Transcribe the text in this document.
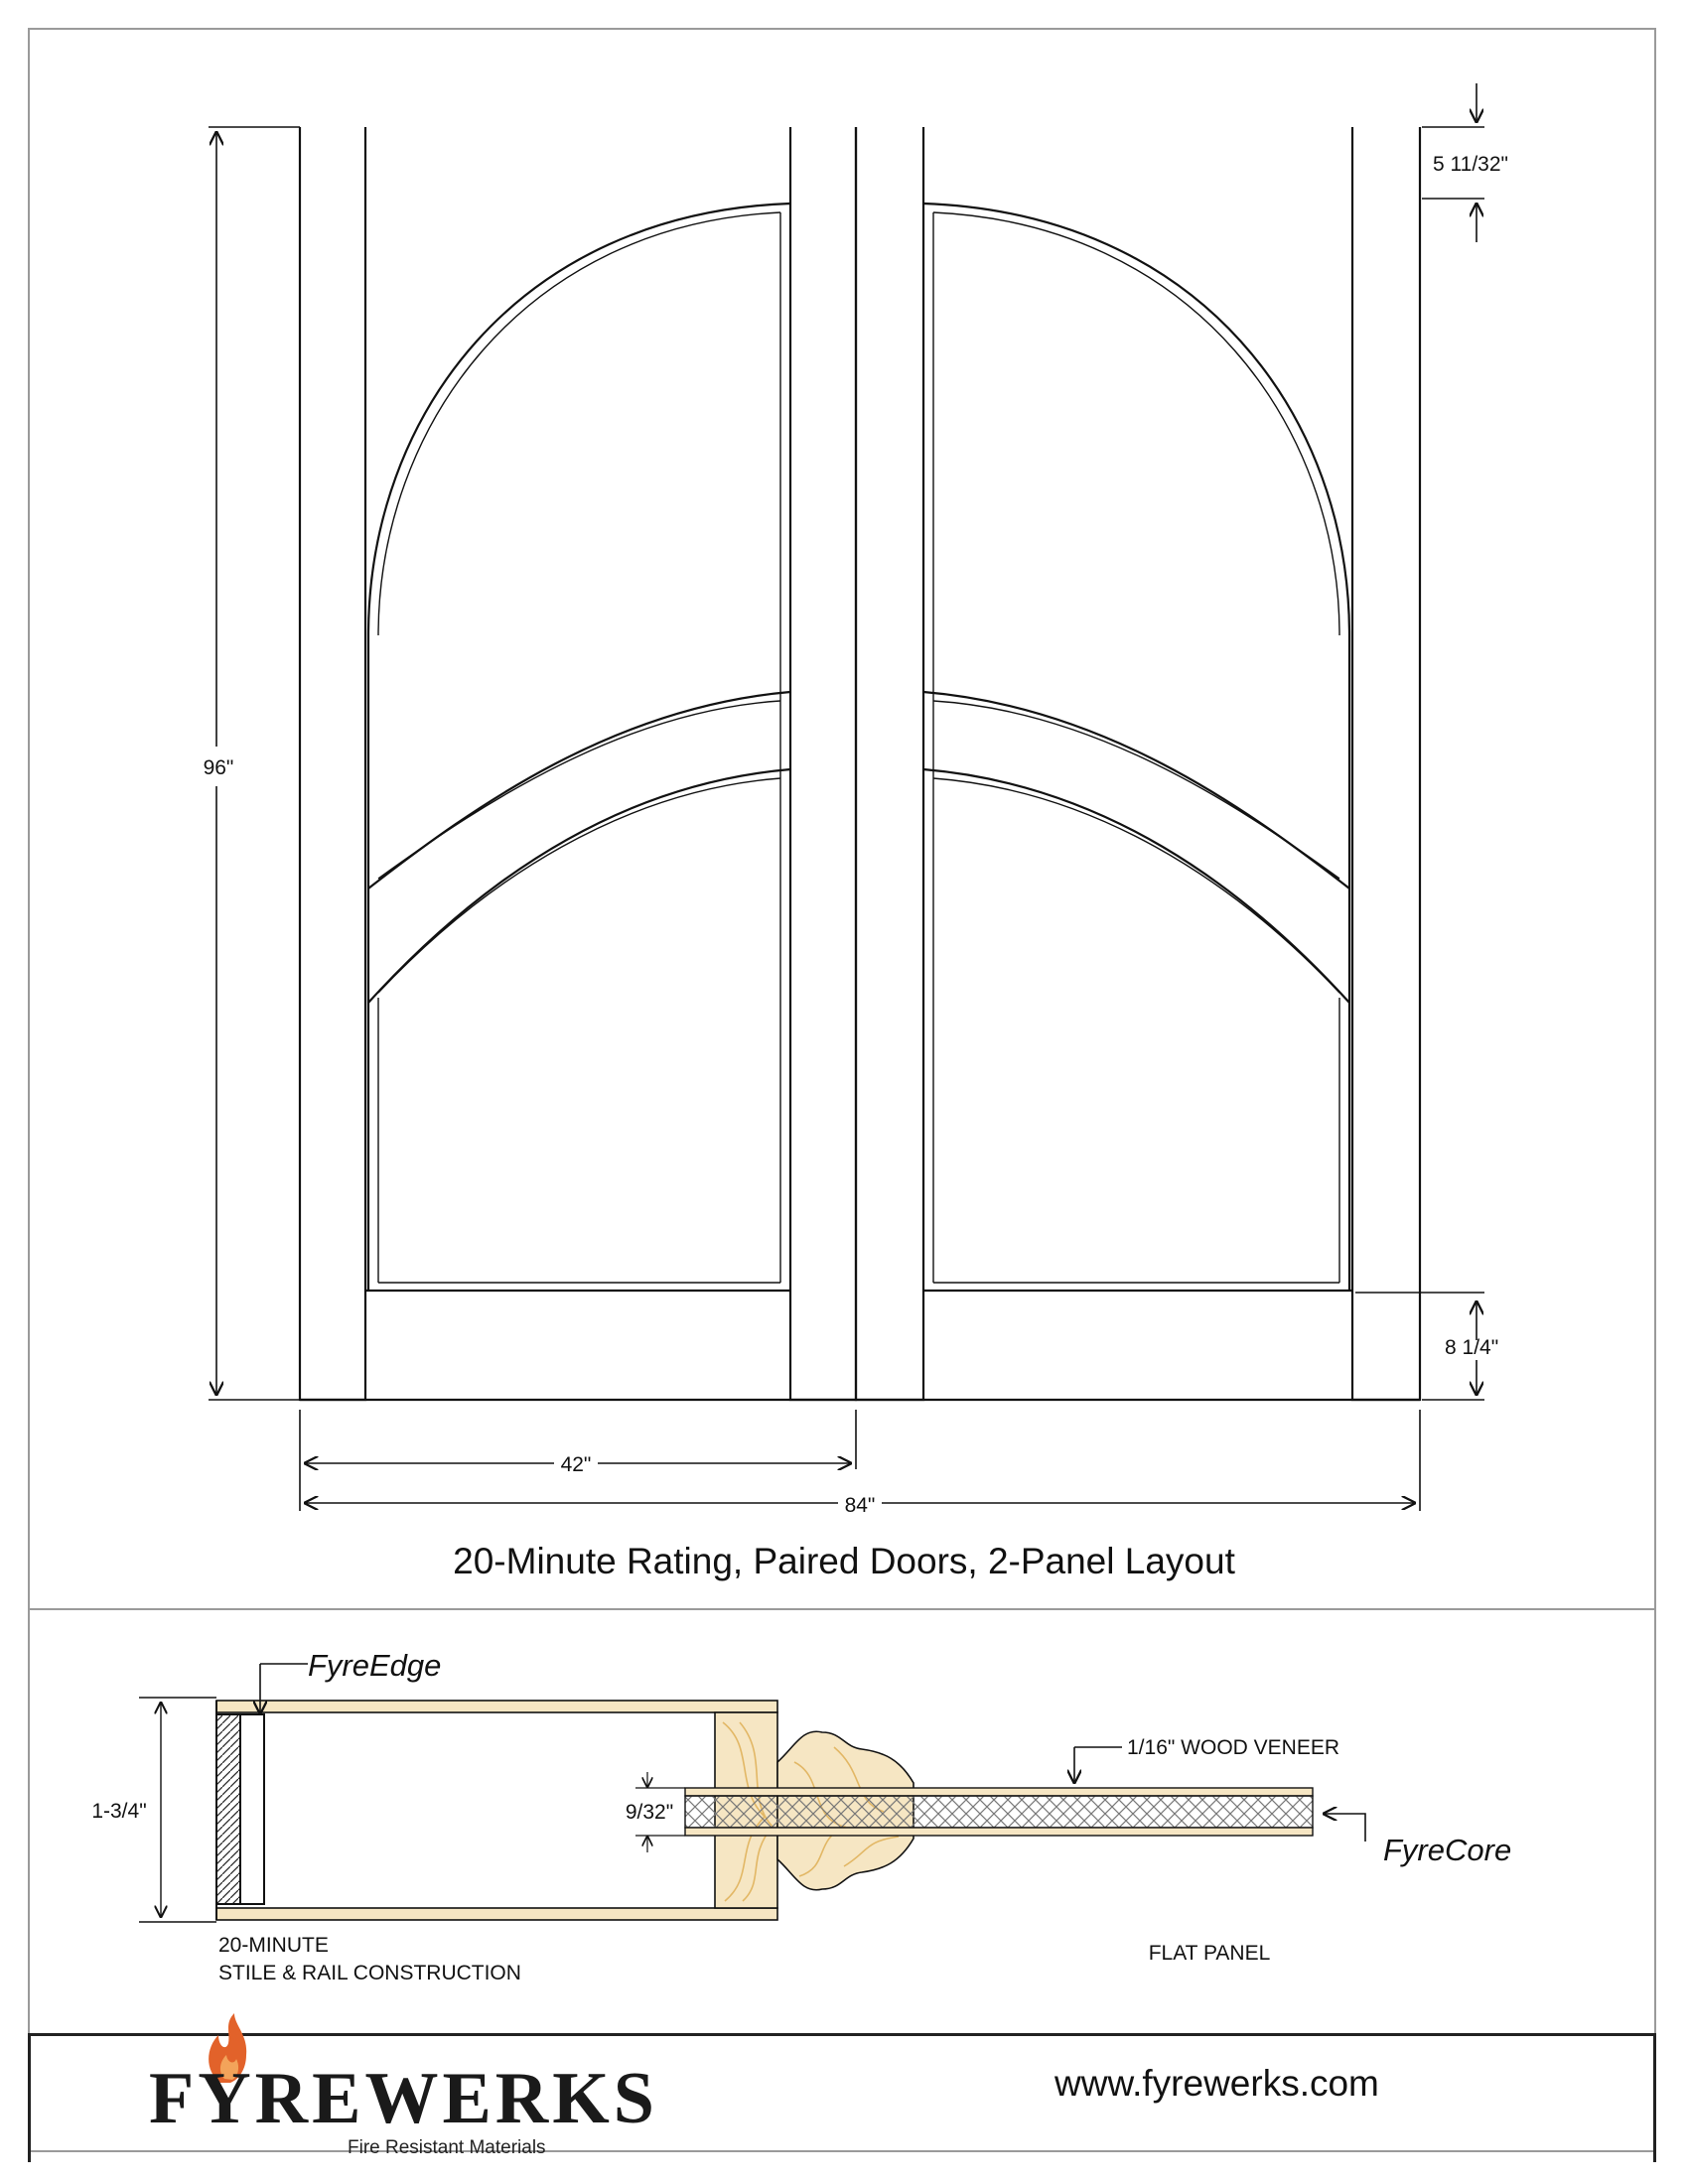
96"
42"
84"
5 11/32"
8 1/4"
FyreEdge
FyreCore
1-3/4"	9/32"
1/16" WOOD VENEER
20-MINUTE
STILE & RAIL CONSTRUCTION
FLAT PANEL
20-Minute Rating, Paired Doors, 2-Panel Layout
FYREWERKS
Fire Resistant Materials
www.fyrewerks.com
